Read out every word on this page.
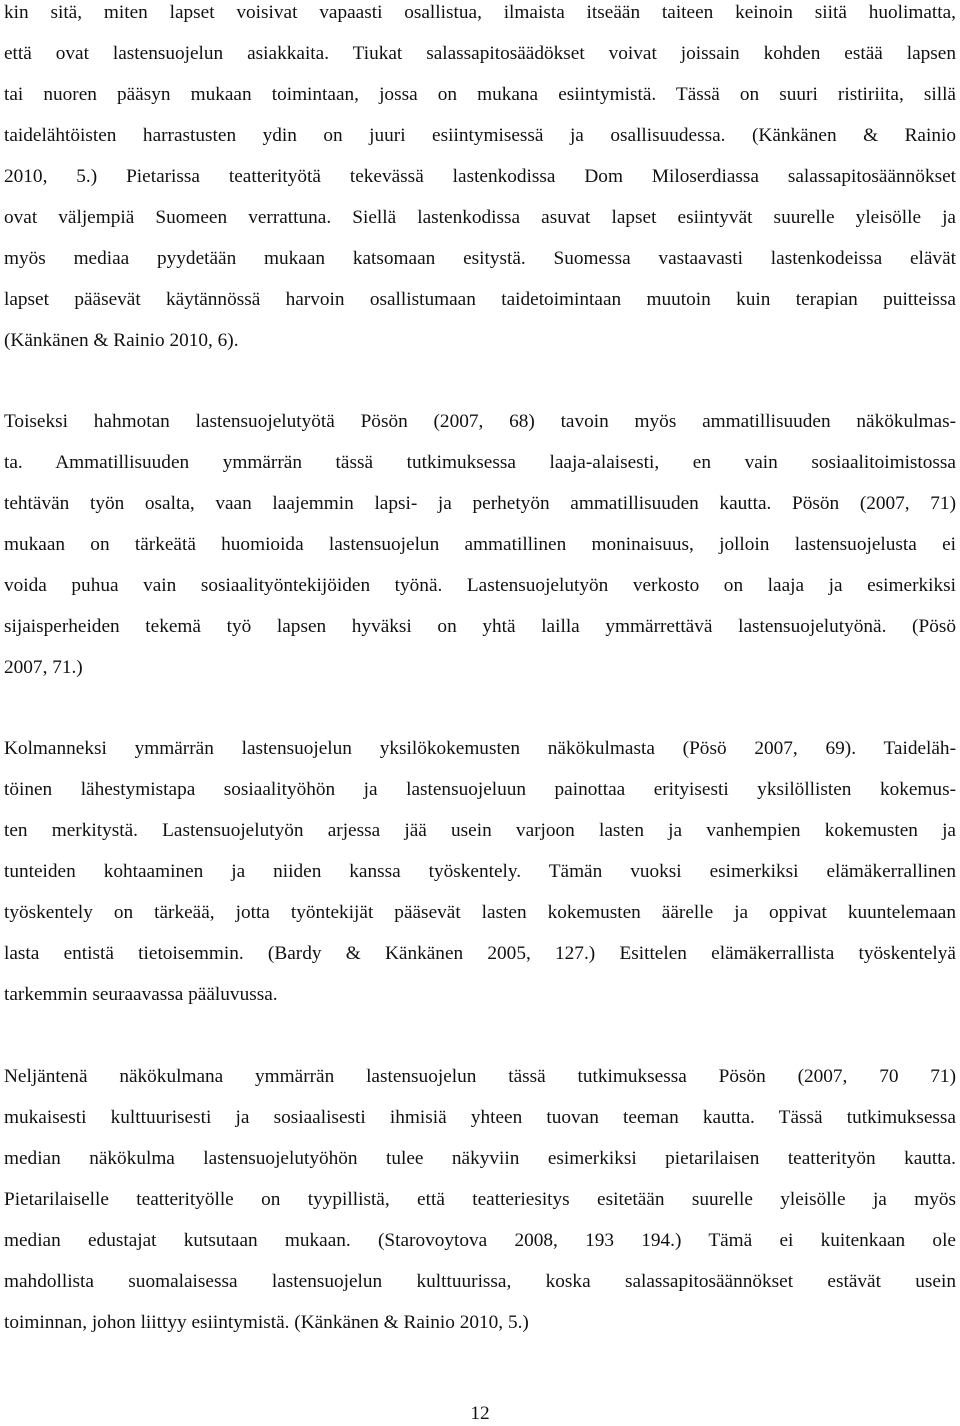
kin sitä, miten lapset voisivat vapaasti osallistua, ilmaista itseään taiteen keinoin siitä huolimatta,
että ovat lastensuojelun asiakkaita. Tiukat salassapitosäädökset voivat joissain kohden estää lapsen
tai nuoren pääsyn mukaan toimintaan, jossa on mukana esiintymistä. Tässä on suuri ristiriita, sillä
taidelähtöisten harrastusten ydin on juuri esiintymisessä ja osallisuudessa. (Känkänen & Rainio
2010, 5.) Pietarissa teatterityötä tekevässä lastenkodissa Dom Miloserdiassa salassapitosäännökset
ovat väljempiä Suomeen verrattuna. Siellä lastenkodissa asuvat lapset esiintyvät suurelle yleisölle ja
myös mediaa pyydetään mukaan katsomaan esitystä. Suomessa vastaavasti lastenkodeissa elävät
lapset pääsevät käytännössä harvoin osallistumaan taidetoimintaan muutoin kuin terapian puitteissa
(Känkänen & Rainio 2010, 6).
Toiseksi hahmotan lastensuojelutyötä Pösön (2007, 68) tavoin myös ammatillisuuden näkökulmas-
ta. Ammatillisuuden ymmärrän tässä tutkimuksessa laaja-alaisesti, en vain sosiaalitoimistossa
tehtävän työn osalta, vaan laajemmin lapsi- ja perhetyön ammatillisuuden kautta. Pösön (2007, 71)
mukaan on tärkeätä huomioida lastensuojelun ammatillinen moninaisuus, jolloin lastensuojelusta ei
voida puhua vain sosiaalityöntekijöiden työnä. Lastensuojelutyön verkosto on laaja ja esimerkiksi
sijaisperheiden tekemä työ lapsen hyväksi on yhtä lailla ymmärrettävä lastensuojelutyönä. (Pösö
2007, 71.)
Kolmanneksi ymmärrän lastensuojelun yksilökokemusten näkökulmasta (Pösö 2007, 69). Taideläh-
töinen lähestymistapa sosiaalityöhön ja lastensuojeluun painottaa erityisesti yksilöllisten kokemus-
ten merkitystä. Lastensuojelutyön arjessa jää usein varjoon lasten ja vanhempien kokemusten ja
tunteiden kohtaaminen ja niiden kanssa työskentely. Tämän vuoksi esimerkiksi elämäkerrallinen
työskentely on tärkeää, jotta työntekijät pääsevät lasten kokemusten äärelle ja oppivat kuuntelemaan
lasta entistä tietoisemmin. (Bardy & Känkänen 2005, 127.) Esittelen elämäkerrallista työskentelyä
tarkemmin seuraavassa pääluvussa.
Neljäntenä näkökulmana ymmärrän lastensuojelun tässä tutkimuksessa Pösön (2007, 70 71)
mukaisesti kulttuurisesti ja sosiaalisesti ihmisiä yhteen tuovan teeman kautta. Tässä tutkimuksessa
median näkökulma lastensuojelutyöhön tulee näkyviin esimerkiksi pietarilaisen teatterityön kautta.
Pietarilaiselle teatterityölle on tyypillistä, että teatteriesitys esitetään suurelle yleisölle ja myös
median edustajat kutsutaan mukaan. (Starovoytova 2008, 193 194.) Tämä ei kuitenkaan ole
mahdollista suomalaisessa lastensuojelun kulttuurissa, koska salassapitosäännökset estävät usein
toiminnan, johon liittyy esiintymistä. (Känkänen & Rainio 2010, 5.)
12
